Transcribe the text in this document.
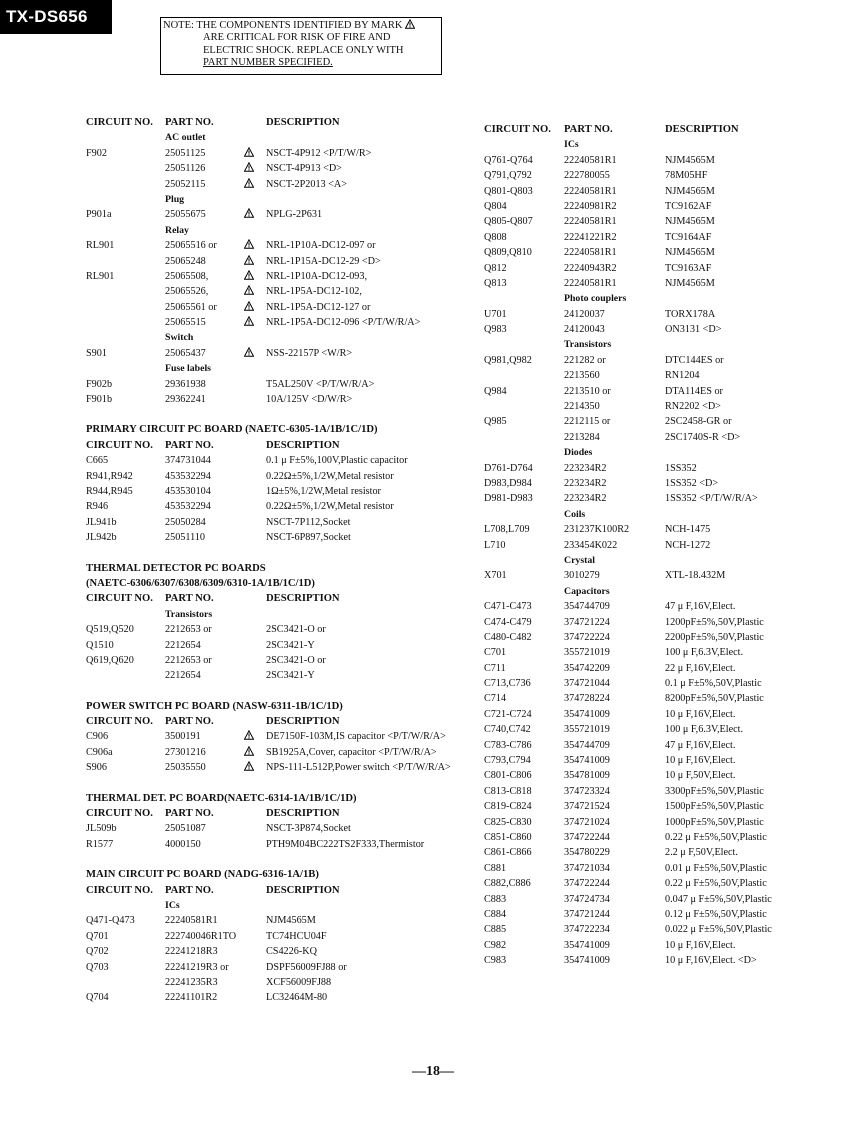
TX-DS656	NOTE: THE COMPONENTS IDENTIFIED BY MARK
ARE CRITICAL FOR RISK OF FIRE AND
ELECTRIC SHOCK. REPLACE ONLY WITH
PART NUMBER SPECIFIED.
CIRCUIT NO. PART NO.	DESCRIPTION
AC outlet
F902	25051125	NSCT-4P912 <P/T/W/R>
25051126	NSCT-4P913 <D>
25052115	NSCT-2P2013 <A>
Plug
P901a	25055675	NPLG-2P631
Relay
RL901	25065516 or	NRL-1P10A-DC12-097 or
25065248	NRL-1P15A-DC12-29 <D>
RL901	25065508,	NRL-1P10A-DC12-093,
25065526,	NRL-1P5A-DC12-102,
25065561 or	NRL-1P5A-DC12-127 or
25065515	NRL-1P5A-DC12-096 <P/T/W/R/A>
Switch
S901	25065437	NSS-22157P <W/R>
Fuse labels
F902b	29361938	T5AL250V <P/T/W/R/A>
F901b	29362241	10A/125V <D/W/R>
PRIMARY CIRCUIT PC BOARD (NAETC-6305-1A/1B/1C/1D)
CIRCUIT NO. PART NO.	DESCRIPTION
C665	374731044	0.1 μ F±5%,100V,Plastic capacitor
R941,R942	453532294	0.22Ω±5%,1/2W,Metal resistor
R944,R945	453530104	1Ω±5%,1/2W,Metal resistor
R946	453532294	0.22Ω±5%,1/2W,Metal resistor
JL941b	25050284	NSCT-7P112,Socket
JL942b	25051110	NSCT-6P897,Socket
THERMAL DETECTOR PC BOARDS
(NAETC-6306/6307/6308/6309/6310-1A/1B/1C/1D)
CIRCUIT NO. PART NO.	DESCRIPTION
Transistors
Q519,Q520	2212653 or	2SC3421-O or
Q1510	2212654	2SC3421-Y
Q619,Q620	2212653 or	2SC3421-O or
2212654	2SC3421-Y
POWER SWITCH PC BOARD (NASW-6311-1B/1C/1D)
CIRCUIT NO. PART NO.	DESCRIPTION
C906	3500191	DE7150F-103M,IS capacitor <P/T/W/R/A>
C906a	27301216	SB1925A,Cover, capacitor <P/T/W/R/A>
S906	25035550	NPS-111-L512P,Power switch <P/T/W/R/A>
THERMAL DET. PC BOARD(NAETC-6314-1A/1B/1C/1D)
CIRCUIT NO. PART NO.	DESCRIPTION
JL509b	25051087	NSCT-3P874,Socket
R1577	4000150	PTH9M04BC222TS2F333,Thermistor
MAIN CIRCUIT PC BOARD (NADG-6316-1A/1B)
CIRCUIT NO. PART NO.	DESCRIPTION
ICs
Q471-Q473	22240581R1	NJM4565M
Q701	222740046R1TO	TC74HCU04F
Q702	22241218R3	CS4226-KQ
Q703	22241219R3 or	DSPF56009FJ88 or
22241235R3	XCF56009FJ88
Q704	22241101R2	LC32464M-80
CIRCUIT NO. PART NO.	DESCRIPTION
ICs
Q761-Q764	22240581R1	NJM4565M
Q791,Q792	222780055	78M05HF
Q801-Q803	22240581R1	NJM4565M
Q804	22240981R2	TC9162AF
Q805-Q807	22240581R1	NJM4565M
Q808	22241221R2	TC9164AF
Q809,Q810	22240581R1	NJM4565M
Q812	22240943R2	TC9163AF
Q813	22240581R1	NJM4565M
Photo couplers
U701	24120037	TORX178A
Q983	24120043	ON3131 <D>
Transistors
Q981,Q982	221282 or	DTC144ES or
2213560	RN1204
Q984	2213510 or	DTA114ES or
2214350	RN2202 <D>
Q985	2212115 or	2SC2458-GR or
2213284	2SC1740S-R <D>
Diodes
D761-D764	223234R2	1SS352
D983,D984	223234R2	1SS352 <D>
D981-D983	223234R2	1SS352 <P/T/W/R/A>
Coils
L708,L709	231237K100R2	NCH-1475
L710	233454K022	NCH-1272
Crystal
X701	3010279	XTL-18.432M
Capacitors
C471-C473	354744709	47 μ F,16V,Elect.
C474-C479	374721224	1200pF±5%,50V,Plastic
C480-C482	374722224	2200pF±5%,50V,Plastic
C701	355721019	100 μ F,6.3V,Elect.
C711	354742209	22 μ F,16V,Elect.
C713,C736	374721044	0.1 μ F±5%,50V,Plastic
C714	374728224	8200pF±5%,50V,Plastic
C721-C724	354741009	10 μ F,16V,Elect.
C740,C742	355721019	100 μ F,6.3V,Elect.
C783-C786	354744709	47 μ F,16V,Elect.
C793,C794	354741009	10 μ F,16V,Elect.
C801-C806	354781009	10 μ F,50V,Elect.
C813-C818	374723324	3300pF±5%,50V,Plastic
C819-C824	374721524	1500pF±5%,50V,Plastic
C825-C830	374721024	1000pF±5%,50V,Plastic
C851-C860	374722244	0.22 μ F±5%,50V,Plastic
C861-C866	354780229	2.2 μ F,50V,Elect.
C881	374721034	0.01 μ F±5%,50V,Plastic
C882,C886	374722244	0.22 μ F±5%,50V,Plastic
C883	374724734	0.047 μ F±5%,50V,Plastic
C884	374721244	0.12 μ F±5%,50V,Plastic
C885	374722234	0.022 μ F±5%,50V,Plastic
C982	354741009	10 μ F,16V,Elect.
C983	354741009	10 μ F,16V,Elect. <D>
—18—
